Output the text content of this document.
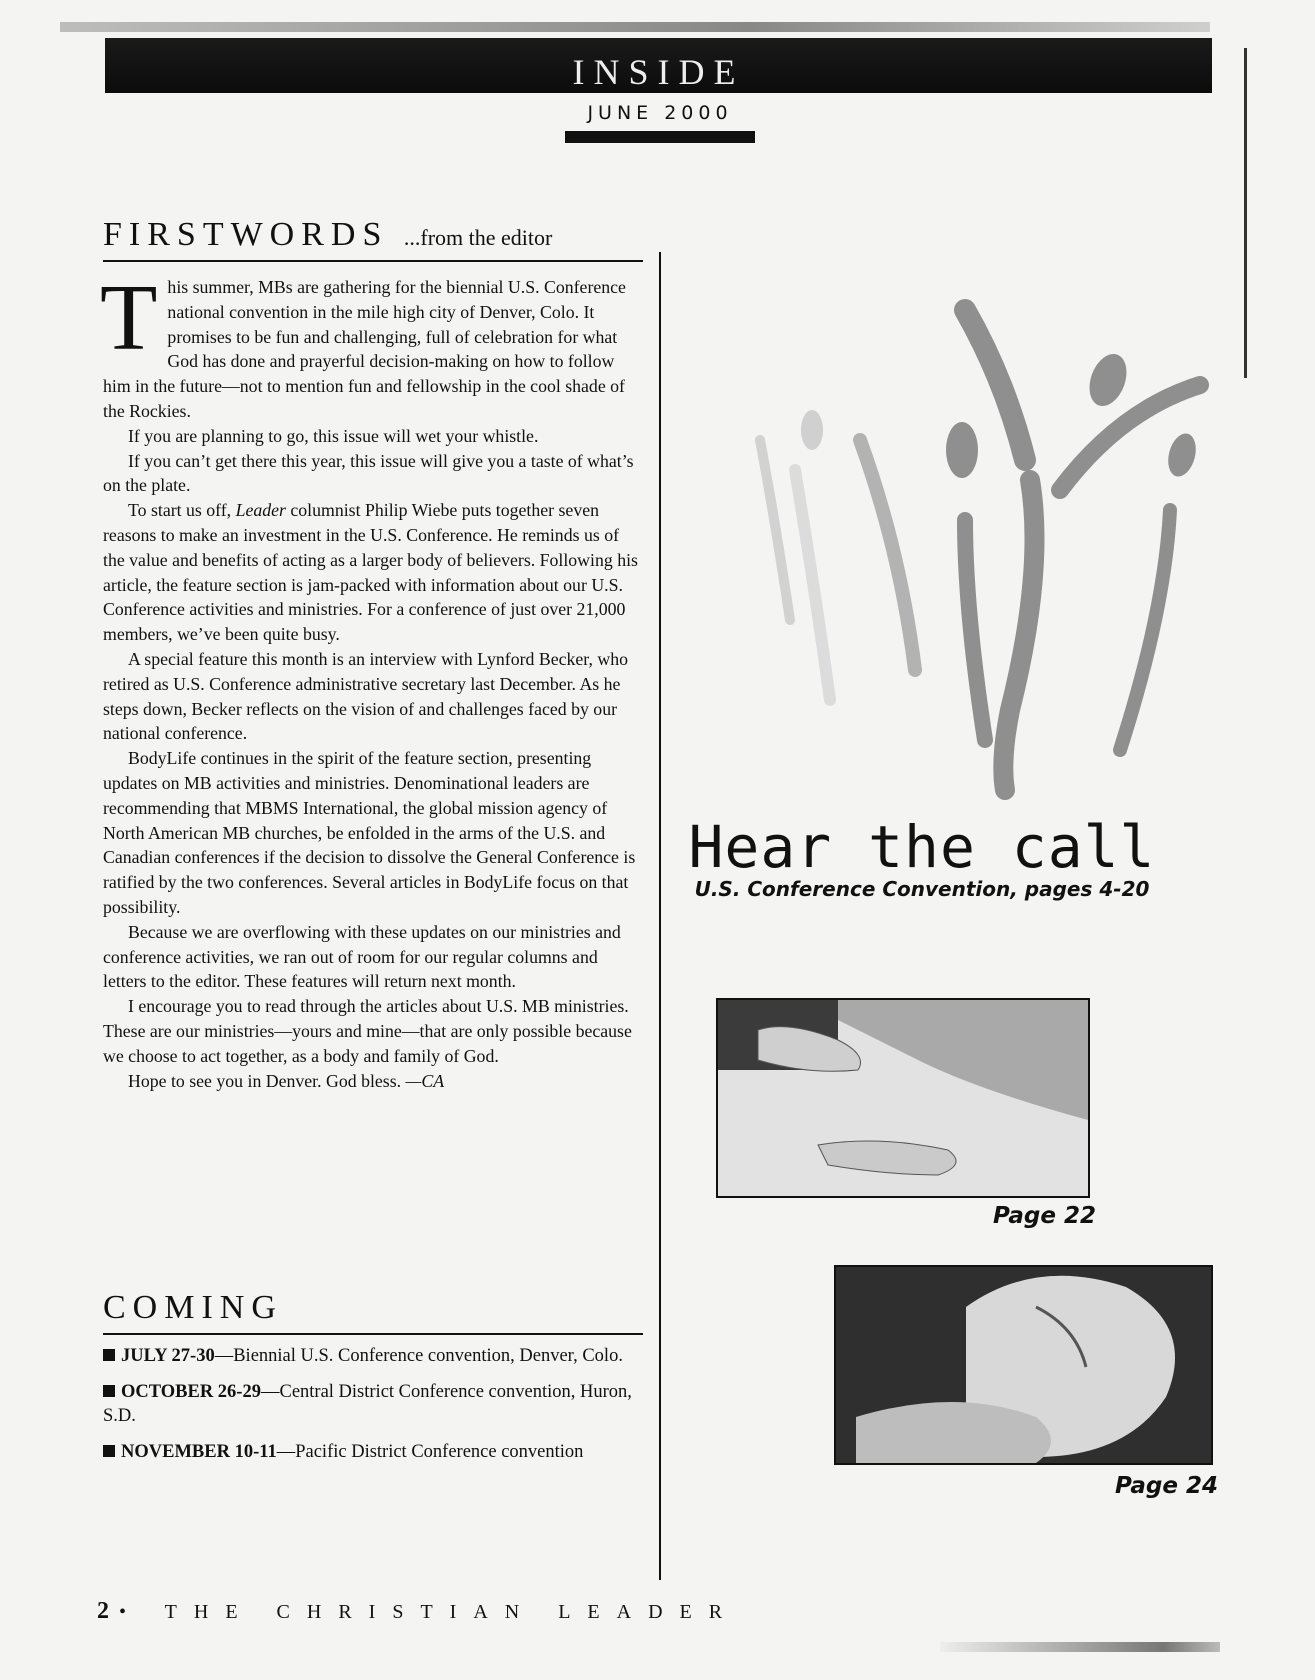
INSIDE
JUNE 2000
FIRSTWORDS ...from the editor

This summer, MBs are gathering for the biennial U.S. Conference national convention in the mile high city of Denver, Colo. It promises to be fun and challenging, full of celebration for what God has done and prayerful decision-making on how to follow him in the future—not to mention fun and fellowship in the cool shade of the Rockies.

If you are planning to go, this issue will wet your whistle.

If you can’t get there this year, this issue will give you a taste of what’s on the plate.

To start us off, Leader columnist Philip Wiebe puts together seven reasons to make an investment in the U.S. Conference. He reminds us of the value and benefits of acting as a larger body of believers. Following his article, the feature section is jam-packed with information about our U.S. Conference activities and ministries. For a conference of just over 21,000 members, we’ve been quite busy.

A special feature this month is an interview with Lynford Becker, who retired as U.S. Conference administrative secretary last December. As he steps down, Becker reflects on the vision of and challenges faced by our national conference.

BodyLife continues in the spirit of the feature section, presenting updates on MB activities and ministries. Denominational leaders are recommending that MBMS International, the global mission agency of North American MB churches, be enfolded in the arms of the U.S. and Canadian conferences if the decision to dissolve the General Conference is ratified by the two conferences. Several articles in BodyLife focus on that possibility.

Because we are overflowing with these updates on our ministries and conference activities, we ran out of room for our regular columns and letters to the editor. These features will return next month.

I encourage you to read through the articles about U.S. MB ministries. These are our ministries—yours and mine—that are only possible because we choose to act together, as a body and family of God.

Hope to see you in Denver. God bless. —CA

COMING
JULY 27-30—Biennial U.S. Conference convention, Denver, Colo.
OCTOBER 26-29—Central District Conference convention, Huron, S.D.
NOVEMBER 10-11—Pacific District Conference convention
2 • THE CHRISTIAN LEADER
Hear the call
U.S. Conference Convention, pages 4-20
Page 22
Page 24
